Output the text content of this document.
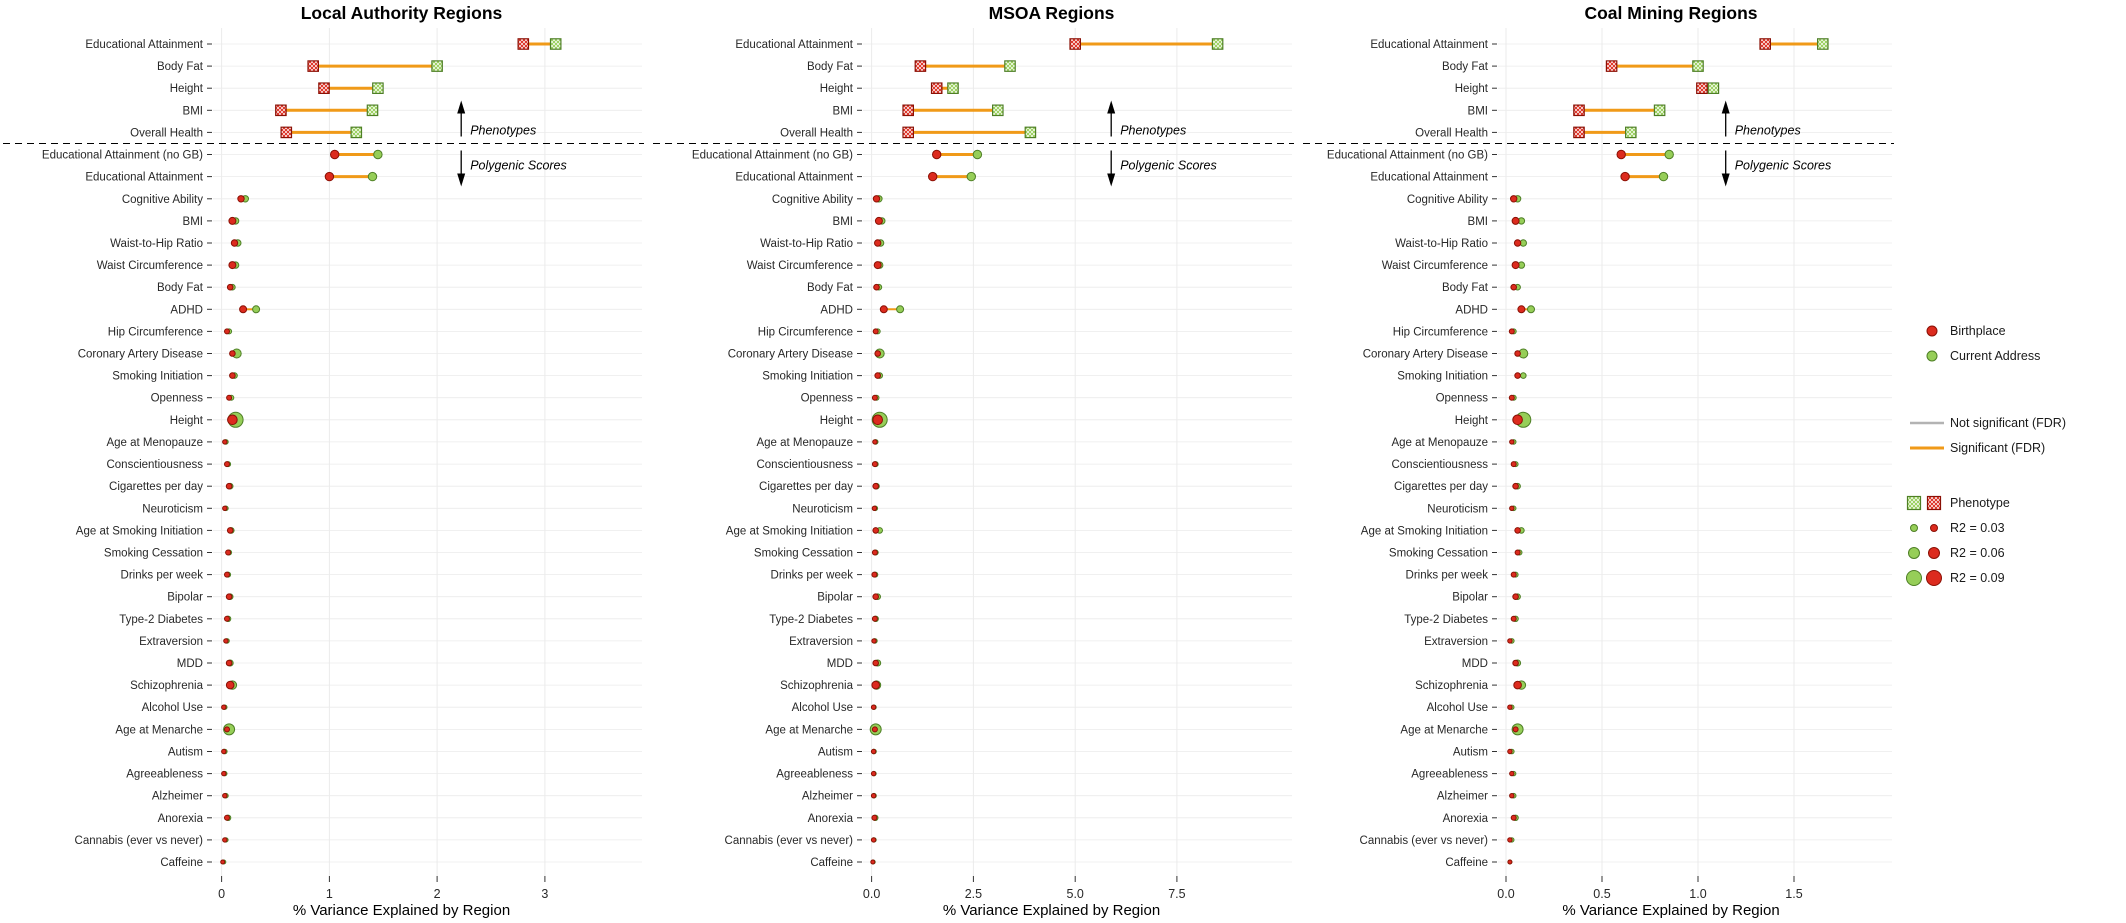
Local Authority Regions
Educational Attainment
Body Fat
Height
BMI
Overall Health
Educational Attainment (no GB)
Educational Attainment
Cognitive Ability
BMI
Waist-to-Hip Ratio
Waist Circumference
Body Fat
ADHD
Hip Circumference
Coronary Artery Disease
Smoking Initiation
Openness
Height
Age at Menopauze
Conscientiousness
Cigarettes per day
Neuroticism
Age at Smoking Initiation
Smoking Cessation
Drinks per week
Bipolar
Type-2 Diabetes
Extraversion
MDD
Schizophrenia
Alcohol Use
Age at Menarche
Autism
Agreeableness
Alzheimer
Anorexia
Cannabis (ever vs never)
Caffeine
0	1	2	3
% Variance Explained by Region
Phenotypes
Polygenic Scores
MSOA Regions
Educational Attainment
Body Fat
Height
BMI
Overall Health
Educational Attainment (no GB)
Educational Attainment
Cognitive Ability
BMI
Waist-to-Hip Ratio
Waist Circumference
Body Fat
ADHD
Hip Circumference
Coronary Artery Disease
Smoking Initiation
Openness
Height
Age at Menopauze
Conscientiousness
Cigarettes per day
Neuroticism
Age at Smoking Initiation
Smoking Cessation
Drinks per week
Bipolar
Type-2 Diabetes
Extraversion
MDD
Schizophrenia
Alcohol Use
Age at Menarche
Autism
Agreeableness
Alzheimer
Anorexia
Cannabis (ever vs never)
Caffeine
0.0	2.5	5.0	7.5
% Variance Explained by Region
Phenotypes
Polygenic Scores
Coal Mining Regions
Educational Attainment
Body Fat
Height
BMI
Overall Health
Educational Attainment (no GB)
Educational Attainment
Cognitive Ability
BMI
Waist-to-Hip Ratio
Waist Circumference
Body Fat
ADHD
Hip Circumference
Coronary Artery Disease
Smoking Initiation
Openness
Height
Age at Menopauze
Conscientiousness
Cigarettes per day
Neuroticism
Age at Smoking Initiation
Smoking Cessation
Drinks per week
Bipolar
Type-2 Diabetes
Extraversion
MDD
Schizophrenia
Alcohol Use
Age at Menarche
Autism
Agreeableness
Alzheimer
Anorexia
Cannabis (ever vs never)
Caffeine
0.0	0.5	1.0	1.5
% Variance Explained by Region
Phenotypes
Polygenic Scores
Birthplace
Current Address
Not significant (FDR)
Significant (FDR)
Phenotype
R2 = 0.03
R2 = 0.06
R2 = 0.09
